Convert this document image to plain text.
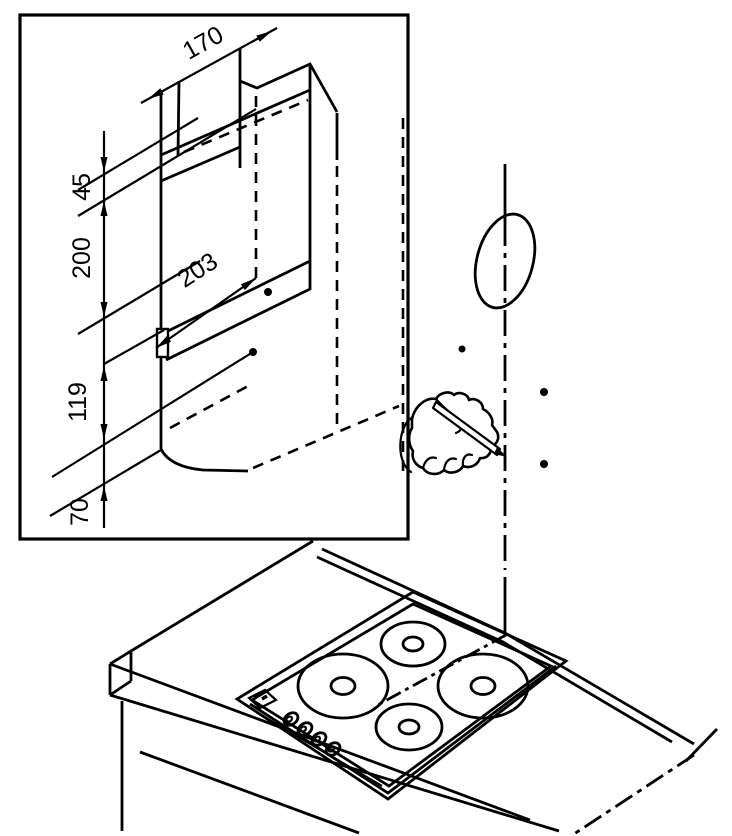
170
203
45
200
119
70
